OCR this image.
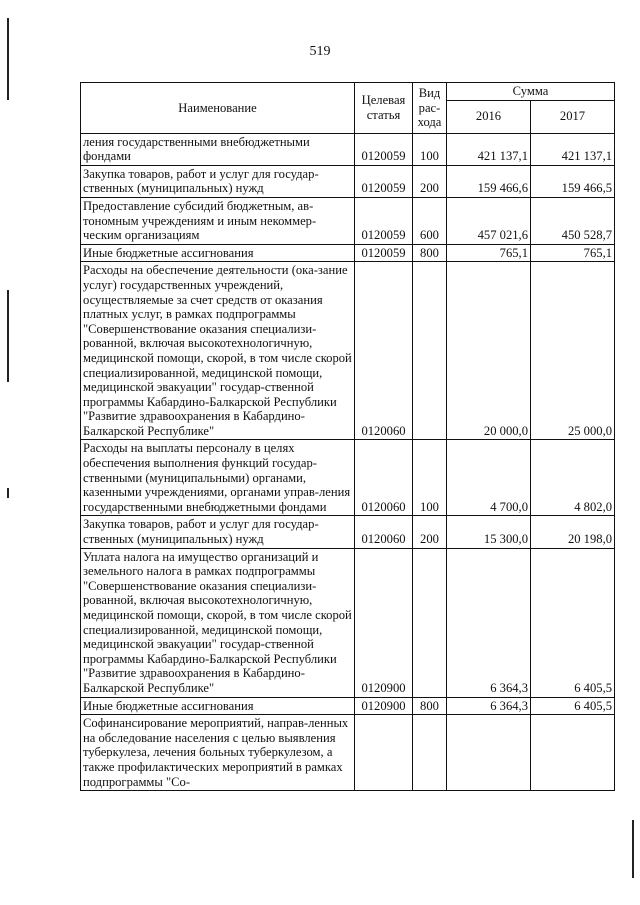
519
Наименование	Целевая статья	Вид рас-хода	Сумма	
			2016	2017
ления государственными внебюджетными фондами	0120059	100	421 137,1	421 137,1
Закупка товаров, работ и услуг для государ-ственных (муниципальных) нужд	0120059	200	159 466,6	159 466,5
Предоставление субсидий бюджетным, ав-тономным учреждениям и иным некоммер-ческим организациям	0120059	600	457 021,6	450 528,7
Иные бюджетные ассигнования	0120059	800	765,1	765,1
Расходы на обеспечение деятельности (ока-зание услуг) государственных учреждений, осуществляемые за счет средств от оказания платных услуг, в рамках подпрограммы "Совершенствование оказания специализи-рованной, включая высокотехнологичную, медицинской помощи, скорой, в том числе скорой специализированной, медицинской помощи, медицинской эвакуации" государ-ственной программы Кабардино-Балкарской Республики "Развитие здравоохранения в Кабардино-Балкарской Республике"	0120060		20 000,0	25 000,0
Расходы на выплаты персоналу в целях обеспечения выполнения функций государ-ственными (муниципальными) органами, казенными учреждениями, органами управ-ления государственными внебюджетными фондами	0120060	100	4 700,0	4 802,0
Закупка товаров, работ и услуг для государ-ственных (муниципальных) нужд	0120060	200	15 300,0	20 198,0
Уплата налога на имущество организаций и земельного налога в рамках подпрограммы "Совершенствование оказания специализи-рованной, включая высокотехнологичную, медицинской помощи, скорой, в том числе скорой специализированной, медицинской помощи, медицинской эвакуации" государ-ственной программы Кабардино-Балкарской Республики "Развитие здравоохранения в Кабардино-Балкарской Республике"	0120900		6 364,3	6 405,5
Иные бюджетные ассигнования	0120900	800	6 364,3	6 405,5
Софинансирование мероприятий, направ-ленных на обследование населения с целью выявления туберкулеза, лечения больных туберкулезом, а также профилактических мероприятий в рамках подпрограммы "Со-				
